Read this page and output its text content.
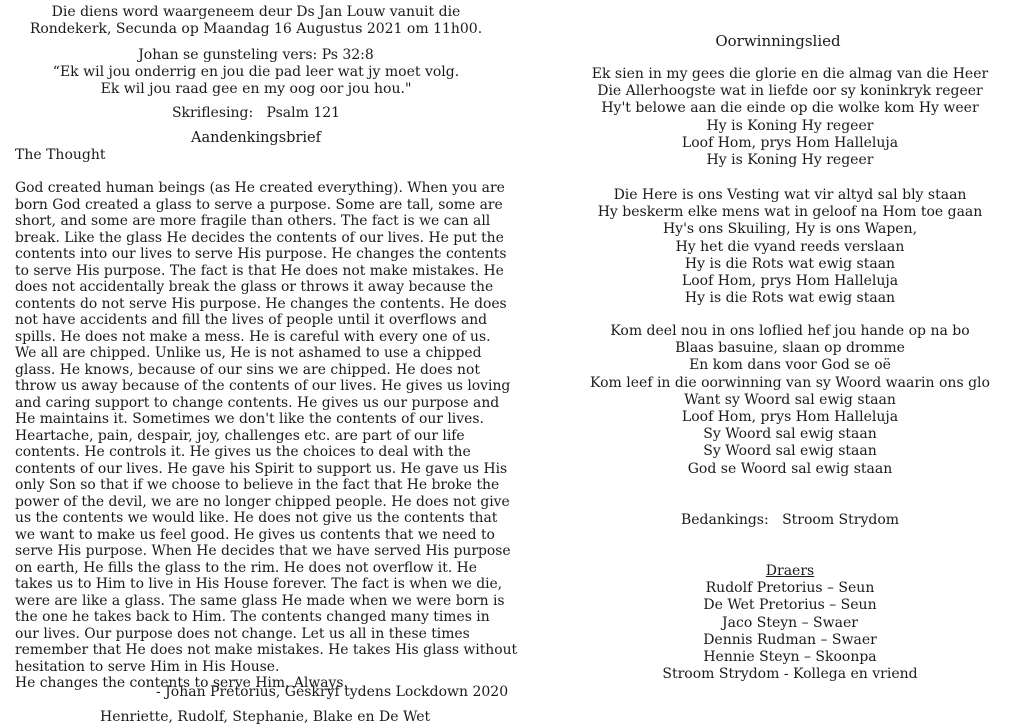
Die diens word waargeneem deur Ds Jan Louw vanuit die
Rondekerk, Secunda op Maandag 16 Augustus 2021 om 11h00.
Johan se gunsteling vers: Ps 32:8
“Ek wil jou onderrig en jou die pad leer wat jy moet volg.
Ek wil jou raad gee en my oog oor jou hou."
Skriflesing: Psalm 121
Aandenkingsbrief
The Thought
God created human beings (as He created everything). When you are
born God created a glass to serve a purpose. Some are tall, some are
short, and some are more fragile than others. The fact is we can all
break. Like the glass He decides the contents of our lives. He put the
contents into our lives to serve His purpose. He changes the contents
to serve His purpose. The fact is that He does not make mistakes. He
does not accidentally break the glass or throws it away because the
contents do not serve His purpose. He changes the contents. He does
not have accidents and fill the lives of people until it overflows and
spills. He does not make a mess. He is careful with every one of us.
We all are chipped. Unlike us, He is not ashamed to use a chipped
glass. He knows, because of our sins we are chipped. He does not
throw us away because of the contents of our lives. He gives us loving
and caring support to change contents. He gives us our purpose and
He maintains it. Sometimes we don't like the contents of our lives.
Heartache, pain, despair, joy, challenges etc. are part of our life
contents. He controls it. He gives us the choices to deal with the
contents of our lives. He gave his Spirit to support us. He gave us His
only Son so that if we choose to believe in the fact that He broke the
power of the devil, we are no longer chipped people. He does not give
us the contents we would like. He does not give us the contents that
we want to make us feel good. He gives us contents that we need to
serve His purpose. When He decides that we have served His purpose
on earth, He fills the glass to the rim. He does not overflow it. He
takes us to Him to live in His House forever. The fact is when we die,
were are like a glass. The same glass He made when we were born is
the one he takes back to Him. The contents changed many times in
our lives. Our purpose does not change. Let us all in these times
remember that He does not make mistakes. He takes His glass without
hesitation to serve Him in His House.
He changes the contents to serve Him. Always.
- Johan Pretorius, Geskryf tydens Lockdown 2020
Henriette, Rudolf, Stephanie, Blake en De Wet
Oorwinningslied
Ek sien in my gees die glorie en die almag van die Heer
Die Allerhoogste wat in liefde oor sy koninkryk regeer
Hy't belowe aan die einde op die wolke kom Hy weer
Hy is Koning Hy regeer
Loof Hom, prys Hom Halleluja
Hy is Koning Hy regeer
Die Here is ons Vesting wat vir altyd sal bly staan
Hy beskerm elke mens wat in geloof na Hom toe gaan
Hy's ons Skuiling, Hy is ons Wapen,
Hy het die vyand reeds verslaan
Hy is die Rots wat ewig staan
Loof Hom, prys Hom Halleluja
Hy is die Rots wat ewig staan
Kom deel nou in ons loflied hef jou hande op na bo
Blaas basuine, slaan op dromme
En kom dans voor God se oë
Kom leef in die oorwinning van sy Woord waarin ons glo
Want sy Woord sal ewig staan
Loof Hom, prys Hom Halleluja
Sy Woord sal ewig staan
Sy Woord sal ewig staan
God se Woord sal ewig staan
Bedankings: Stroom Strydom
Draers
Rudolf Pretorius – Seun
De Wet Pretorius – Seun
Jaco Steyn – Swaer
Dennis Rudman – Swaer
Hennie Steyn – Skoonpa
Stroom Strydom - Kollega en vriend
